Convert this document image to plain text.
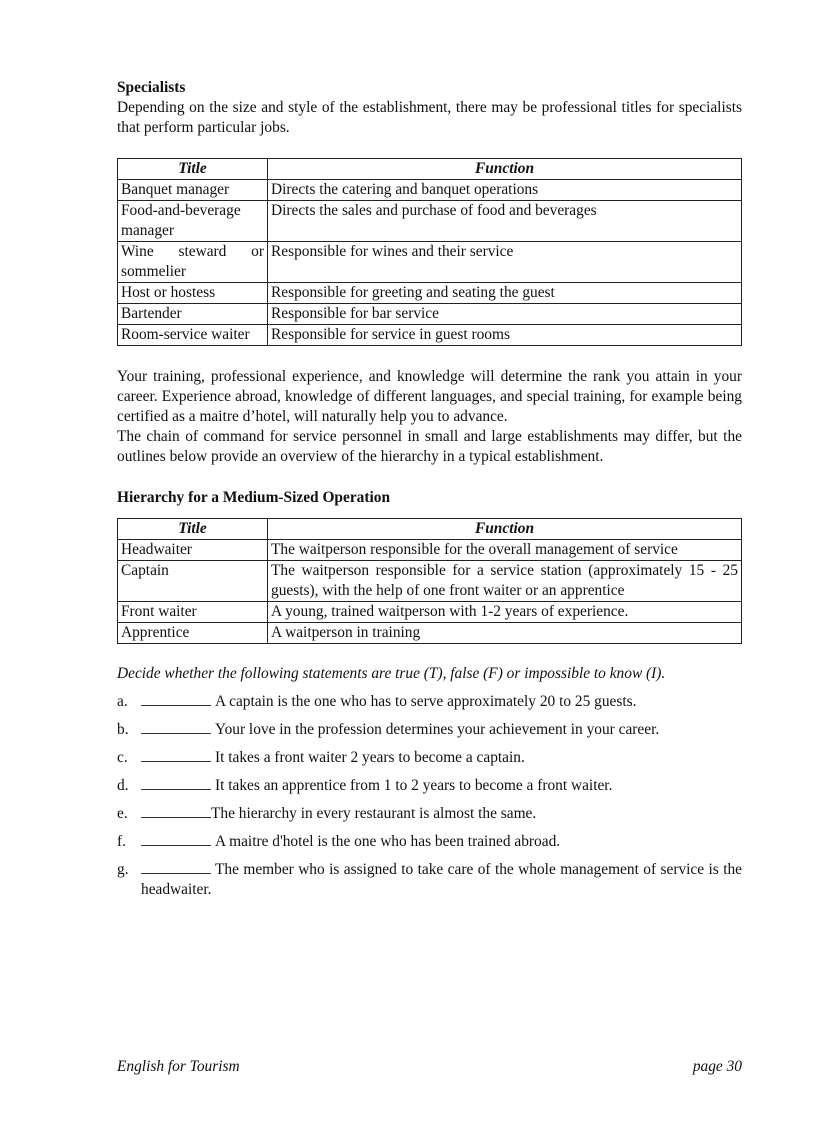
Specialists

Depending on the size and style of the establishment, there may be professional titles for specialists that perform particular jobs.

Title	Function
Banquet manager	Directs the catering and banquet operations
Food-and-beverage manager	Directs the sales and purchase of food and beverages
Wine steward or sommelier	Responsible for wines and their service
Host or hostess	Responsible for greeting and seating the guest
Bartender	Responsible for bar service
Room-service waiter	Responsible for service in guest rooms

Your training, professional experience, and knowledge will determine the rank you attain in your career. Experience abroad, knowledge of different languages, and special training, for example being certified as a maitre d’hotel, will naturally help you to advance.

The chain of command for service personnel in small and large establishments may differ, but the outlines below provide an overview of the hierarchy in a typical establishment.

Hierarchy for a Medium-Sized Operation
Title	Function
Headwaiter	The waitperson responsible for the overall management of service
Captain	The waitperson responsible for a service station (approximately 15 - 25 guests), with the help of one front waiter or an apprentice
Front waiter	A young, trained waitperson with 1-2 years of experience.
Apprentice	A waitperson in training

Decide whether the following statements are true (T), false (F) or impossible to know (I).

a.	A captain is the one who has to serve approximately 20 to 25 guests.
b.	Your love in the profession determines your achievement in your career.
c.	It takes a front waiter 2 years to become a captain.
d.	It takes an apprentice from 1 to 2 years to become a front waiter.
e.	The hierarchy in every restaurant is almost the same.
f.	A maitre d'hotel is the one who has been trained abroad.
g.	The member who is assigned to take care of the whole management of service is the headwaiter.
English for Tourism	page 30
